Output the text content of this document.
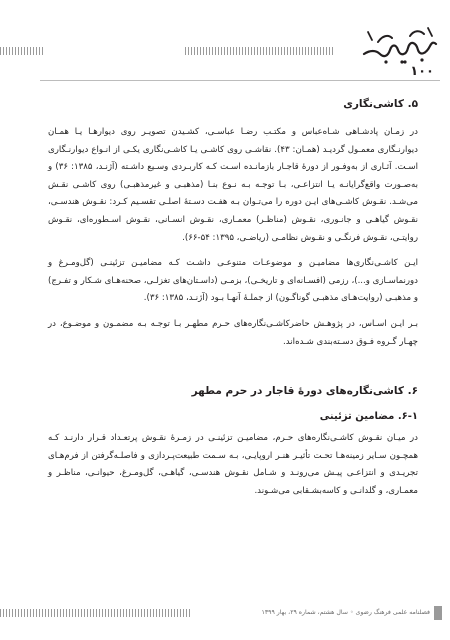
۱۰۰
۵. کاشی‌نگاری

در زمـان پادشـاهی شـاه‌عباس و مکتـب رضـا عباسـی، کشـیدن تصویـر روی دیوارهـا یـا همـان دیوارنـگاری معمـول گردیـد (همـان: ۴۳). نقاشـی روی کاشـی یـا کاشـی‌نگاری یکـی از انـواع دیوارنـگاری اسـت. آثـاری از به‌وفـور از دورۀ قاجـار بازمانـده اسـت کـه کاربـردی وسـیع داشـته (آژنـد، ۱۳۸۵: ۳۶) و به‌صـورت واقع‌گرایانـه یـا انتزاعـی، بـا توجـه بـه نـوع بنـا (مذهبـی و غیرمذهبـی) روی کاشـی نقـش می‌شـد. نقـوش کاشـی‌های ایـن دوره را می‌تـوان بـه هفـت دسـتۀ اصلـی تقسـیم کـرد: نقـوش هندسـی، نقـوش گیاهـی و جانـوری، نقـوش (مناظـر) معمـاری، نقـوش انسـانی، نقـوش اسـطوره‌ای، نقـوش روایتـی، نقـوش فرنگـی و نقـوش نظامـی (ریاضـی، ۱۳۹۵: ۵۴-۶۶).

ایـن کاشـی‌نگاری‌ها مضامیـن و موضوعـات متنوعـی داشـت کـه مضامیـن تزئینـی (گل‌ومـرغ و دورنماسـازی و...)، رزمی (افسـانه‌ای و تاریخـی)، بزمـی (داسـتان‌های تغزلـی، صحنه‌هـای شـکار و تفـرج) و مذهبـی (روایت‌هـای مذهبـی گوناگـون) از جملـۀ آنهـا بـود (آژنـد، ۱۳۸۵: ۳۶).

بـر ایـن اسـاس، در پژوهـش حاضرکاشـی‌نگاره‌های حـرم مطهـر بـا توجـه بـه مضمـون و موضـوع، در چهـار گـروه فـوق دسـته‌بندی شـده‌اند.

۶. کاشی‌نگاره‌های دورۀ قاجار در حرم مطهر
۶-۱. مضامین تزئینی

در میـان نقـوش کاشـی‌نگاره‌های حـرم، مضامیـن تزئینـی در زمـرۀ نقـوش پرتعـداد قـرار دارنـد کـه همچـون سـایر زمینه‌هـا تحـت تأثیـر هنـر اروپایـی، بـه سـمت طبیعت‌پـردازی و فاصلـه‌گرفتن از فرم‌هـای تجریـدی و انتزاعـی پیـش می‌رونـد و شـامل نقـوش هندسـی، گیاهـی، گل‌ومـرغ، حیوانـی، مناظـر و معمـاری، و گلدانـی و کاسه‌بشـقابی می‌شـوند.

فصلنامه علمی فرهنگ رضوی ◦ سال هشتم، شماره ۲۹، بهار ۱۳۹۹
